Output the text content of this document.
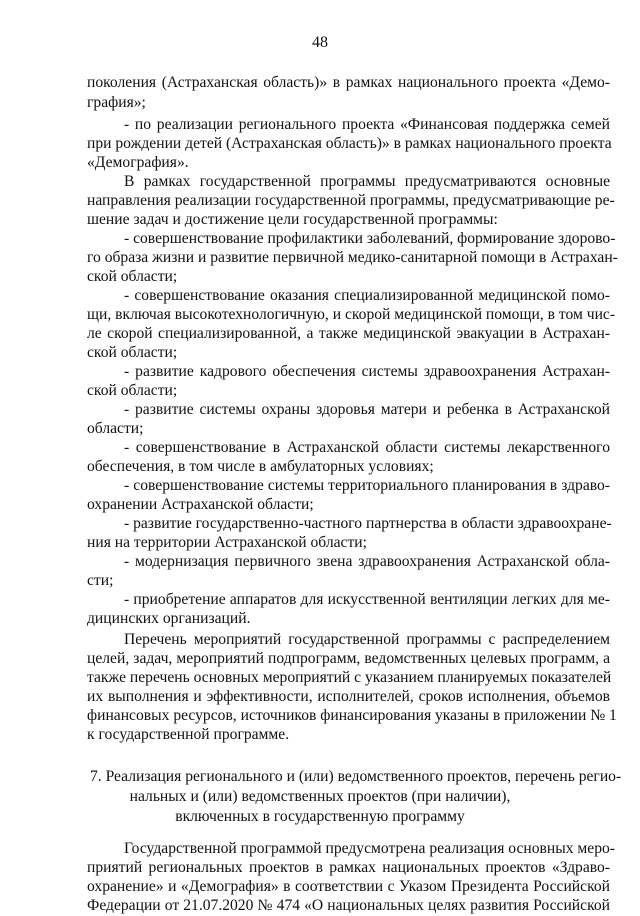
48
поколения (Астраханская область)» в рамках национального проекта «Демо-
графия»;
- по реализации регионального проекта «Финансовая поддержка семей
при рождении детей (Астраханская область)» в рамках национального проекта
«Демография».
В рамках государственной программы предусматриваются основные
направления реализации государственной программы, предусматривающие ре-
шение задач и достижение цели государственной программы:
- совершенствование профилактики заболеваний, формирование здорово-
го образа жизни и развитие первичной медико-санитарной помощи в Астрахан-
ской области;
- совершенствование оказания специализированной медицинской помо-
щи, включая высокотехнологичную, и скорой медицинской помощи, в том чис-
ле скорой специализированной, а также медицинской эвакуации в Астрахан-
ской области;
- развитие кадрового обеспечения системы здравоохранения Астрахан-
ской области;
- развитие системы охраны здоровья матери и ребенка в Астраханской
области;
- совершенствование в Астраханской области системы лекарственного
обеспечения, в том числе в амбулаторных условиях;
- совершенствование системы территориального планирования в здраво-
охранении Астраханской области;
- развитие государственно-частного партнерства в области здравоохране-
ния на территории Астраханской области;
- модернизация первичного звена здравоохранения Астраханской обла-
сти;
- приобретение аппаратов для искусственной вентиляции легких для ме-
дицинских организаций.
Перечень мероприятий государственной программы с распределением
целей, задач, мероприятий подпрограмм, ведомственных целевых программ, а
также перечень основных мероприятий с указанием планируемых показателей
их выполнения и эффективности, исполнителей, сроков исполнения, объемов
финансовых ресурсов, источников финансирования указаны в приложении № 1
к государственной программе.
7. Реализация регионального и (или) ведомственного проектов, перечень регио-
нальных и (или) ведомственных проектов (при наличии),
включенных в государственную программу
Государственной программой предусмотрена реализация основных меро-
приятий региональных проектов в рамках национальных проектов «Здраво-
охранение» и «Демография» в соответствии с Указом Президента Российской
Федерации от 21.07.2020 № 474 «О национальных целях развития Российской
